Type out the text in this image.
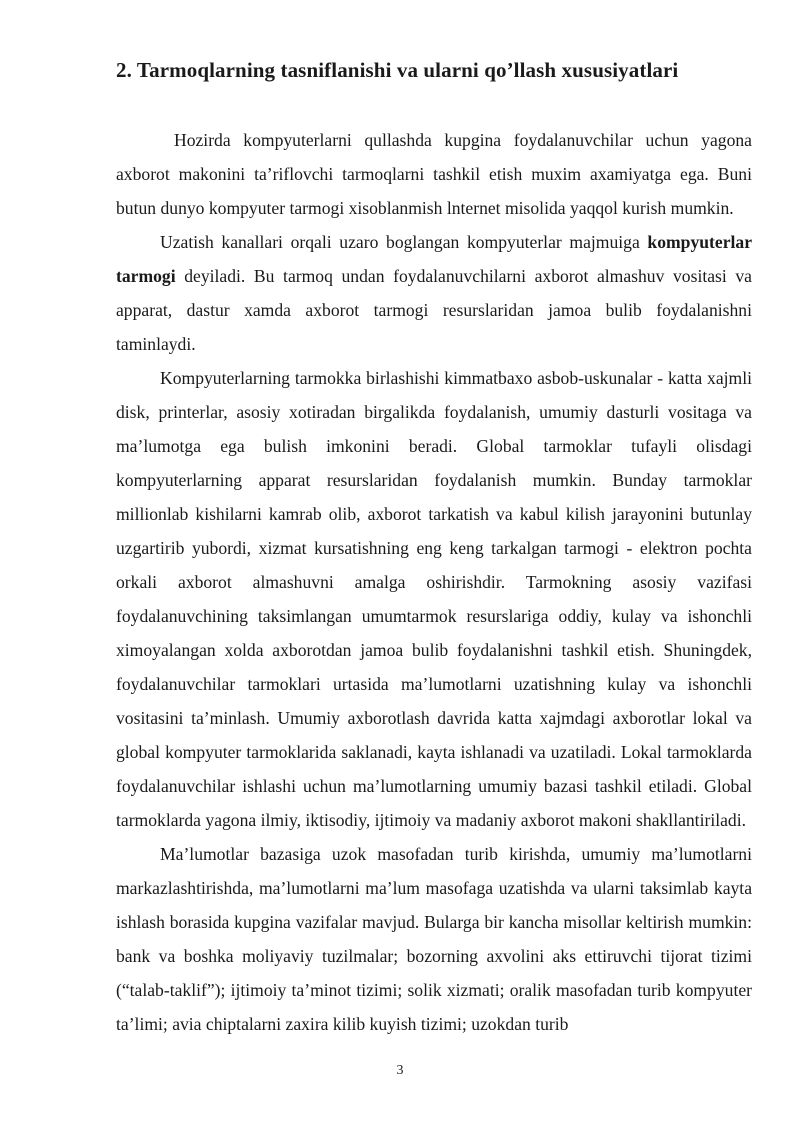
2. Tarmoqlarning tasniflanishi va ularni qo’llash xususiyatlari

Hozirda kompyuterlarni qullashda kupgina foydalanuvchilar uchun yagona axborot makonini ta’riflovchi tarmoqlarni tashkil etish muxim axamiyatga ega. Buni butun dunyo kompyuter tarmogi xisoblanmish lnternet misolida yaqqol kurish mumkin.

Uzatish kanallari orqali uzaro boglangan kompyuterlar majmuiga kompyuterlar tarmogi deyiladi. Bu tarmoq undan foydalanuvchilarni axborot almashuv vositasi va apparat, dastur xamda axborot tarmogi resurslaridan jamoa bulib foydalanishni taminlaydi.

Kompyuterlarning tarmokka birlashishi kimmatbaxo asbob-uskunalar - katta xajmli disk, printerlar, asosiy xotiradan birgalikda foydalanish, umumiy dasturli vositaga va ma’lumotga ega bulish imkonini beradi. Global tarmoklar tufayli olisdagi kompyuterlarning apparat resurslaridan foydalanish mumkin. Bunday tarmoklar millionlab kishilarni kamrab olib, axborot tarkatish va kabul kilish jarayonini butunlay uzgartirib yubordi, xizmat kursatishning eng keng tarkalgan tarmogi - elektron pochta orkali axborot almashuvni amalga oshirishdir. Tarmokning asosiy vazifasi foydalanuvchining taksimlangan umumtarmok resurslariga oddiy, kulay va ishonchli ximoyalangan xolda axborotdan jamoa bulib foydalanishni tashkil etish. Shuningdek, foydalanuvchilar tarmoklari urtasida ma’lumotlarni uzatishning kulay va ishonchli vositasini ta’minlash. Umumiy axborotlash davrida katta xajmdagi axborotlar lokal va global kompyuter tarmoklarida saklanadi, kayta ishlanadi va uzatiladi. Lokal tarmoklarda foydalanuvchilar ishlashi uchun ma’lumotlarning umumiy bazasi tashkil etiladi. Global tarmoklarda yagona ilmiy, iktisodiy, ijtimoiy va madaniy axborot makoni shakllantiriladi.

Ma’lumotlar bazasiga uzok masofadan turib kirishda, umumiy ma’lumotlarni markazlashtirishda, ma’lumotlarni ma’lum masofaga uzatishda va ularni taksimlab kayta ishlash borasida kupgina vazifalar mavjud. Bularga bir kancha misollar keltirish mumkin: bank va boshka moliyaviy tuzilmalar; bozorning axvolini aks ettiruvchi tijorat tizimi (“talab-taklif”); ijtimoiy ta’minot tizimi; solik xizmati; oralik masofadan turib kompyuter ta’limi; avia chiptalarni zaxira kilib kuyish tizimi; uzokdan turib

3
